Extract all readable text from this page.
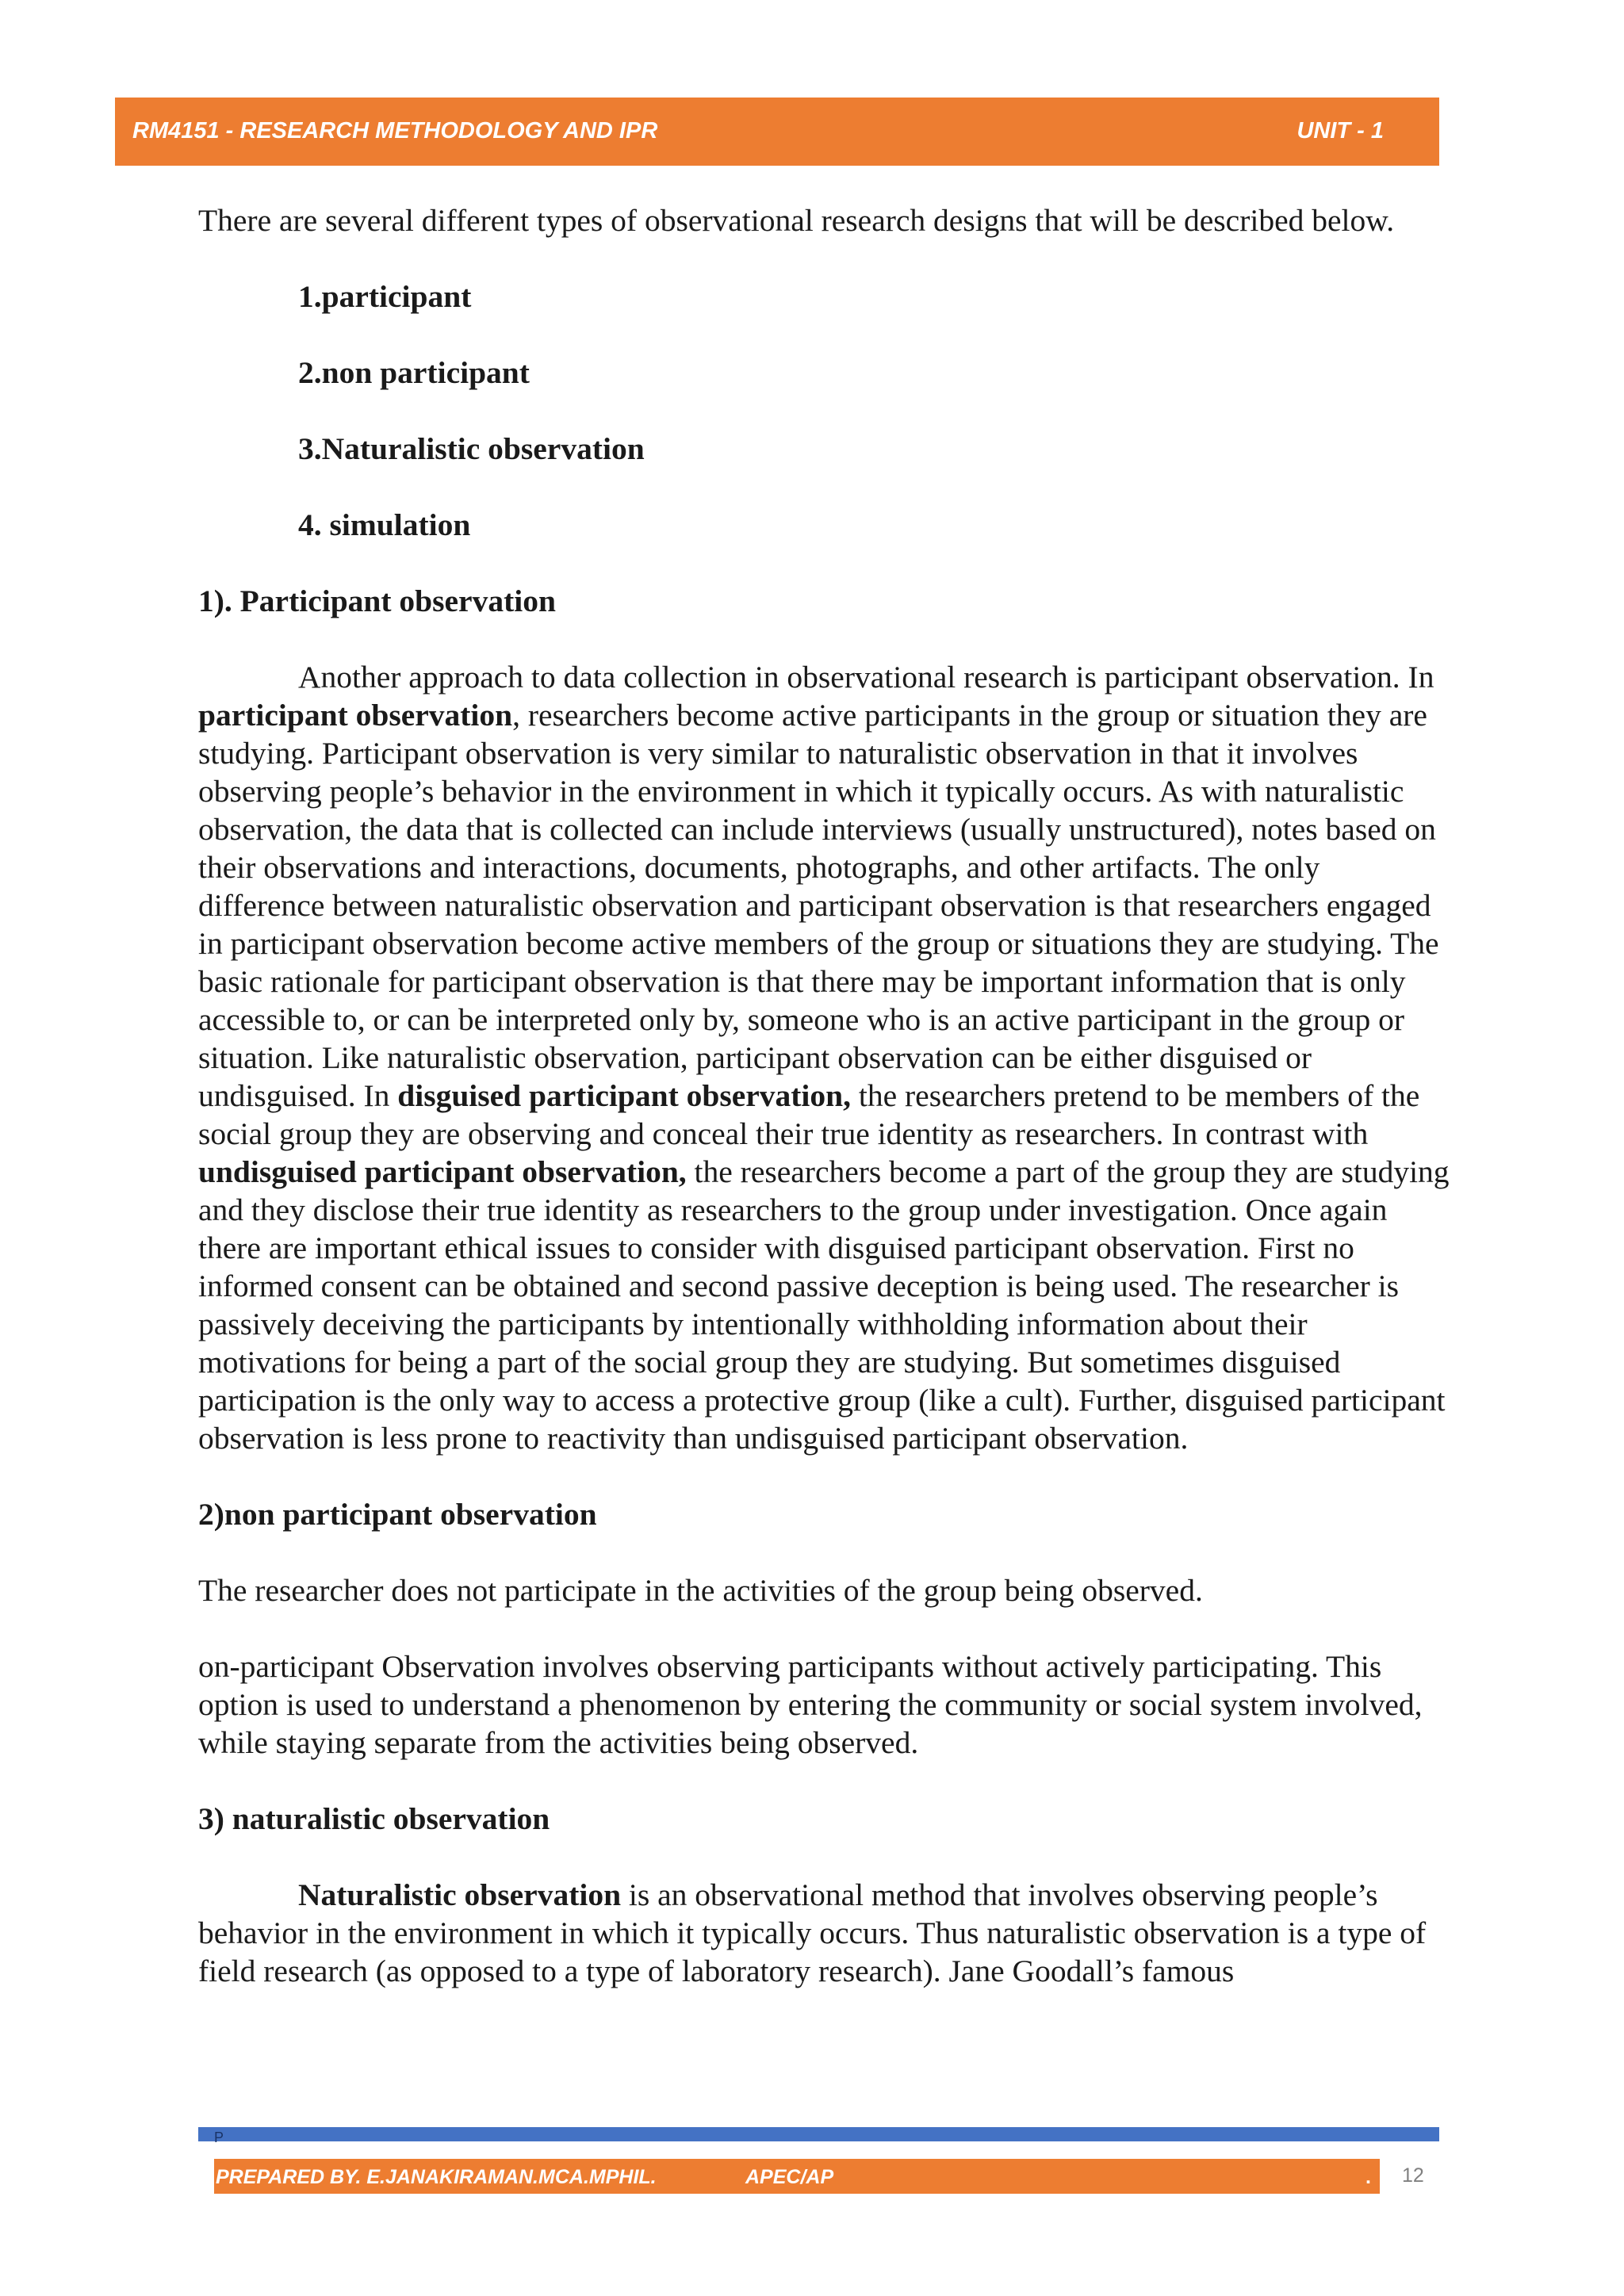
RM4151 - RESEARCH METHODOLOGY AND IPR	UNIT - 1

There are several different types of observational research designs that will be described below.

1.participant

2.non participant

3.Naturalistic observation

4. simulation

1). Participant observation

Another approach to data collection in observational research is participant observation. In participant observation, researchers become active participants in the group or situation they are studying. Participant observation is very similar to naturalistic observation in that it involves observing people’s behavior in the environment in which it typically occurs. As with naturalistic observation, the data that is collected can include interviews (usually unstructured), notes based on their observations and interactions, documents, photographs, and other artifacts. The only difference between naturalistic observation and participant observation is that researchers engaged in participant observation become active members of the group or situations they are studying. The basic rationale for participant observation is that there may be important information that is only accessible to, or can be interpreted only by, someone who is an active participant in the group or situation. Like naturalistic observation, participant observation can be either disguised or undisguised. In disguised participant observation, the researchers pretend to be members of the social group they are observing and conceal their true identity as researchers. In contrast with undisguised participant observation, the researchers become a part of the group they are studying and they disclose their true identity as researchers to the group under investigation. Once again there are important ethical issues to consider with disguised participant observation. First no informed consent can be obtained and second passive deception is being used. The researcher is passively deceiving the participants by intentionally withholding information about their motivations for being a part of the social group they are studying. But sometimes disguised participation is the only way to access a protective group (like a cult). Further, disguised participant observation is less prone to reactivity than undisguised participant observation.

2)non participant observation

The researcher does not participate in the activities of the group being observed.

on-participant Observation involves observing participants without actively participating. This option is used to understand a phenomenon by entering the community or social system involved, while staying separate from the activities being observed.

3) naturalistic observation

Naturalistic observation is an observational method that involves observing people’s behavior in the environment in which it typically occurs. Thus naturalistic observation is a type of field research (as opposed to a type of laboratory research). Jane Goodall’s famous

P
PREPARED BY. E.JANAKIRAMAN.MCA.MPHIL.	APEC/AP	. 12
